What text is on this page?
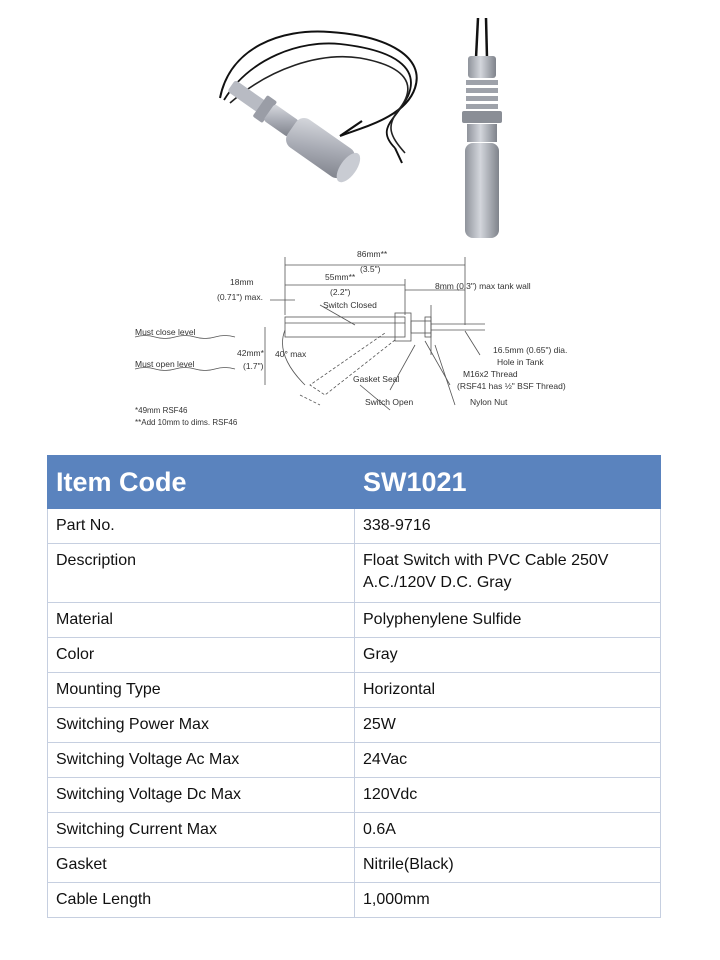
86mm**
(3.5")
55mm**
(2.2")
18mm
(0.71") max.
Switch Closed
8mm (0.3") max tank wall
Must close level
Must open level
42mm*
(1.7")
40° max	16.5mm (0.65") dia.
Hole in Tank
M16x2 Thread
(RSF41 has ½" BSF Thread)
Gasket Seal
Nylon Nut
Switch Open
*49mm RSF46
**Add 10mm to dims. RSF46
Item Code	SW1021
Part No.	338-9716
Description	Float Switch with PVC Cable 250V A.C./120V D.C. Gray
Material	Polyphenylene Sulfide
Color	Gray
Mounting Type	Horizontal
Switching Power Max	25W
Switching Voltage Ac Max	24Vac
Switching Voltage Dc Max	120Vdc
Switching Current Max	0.6A
Gasket	Nitrile(Black)
Cable Length	1,000mm
